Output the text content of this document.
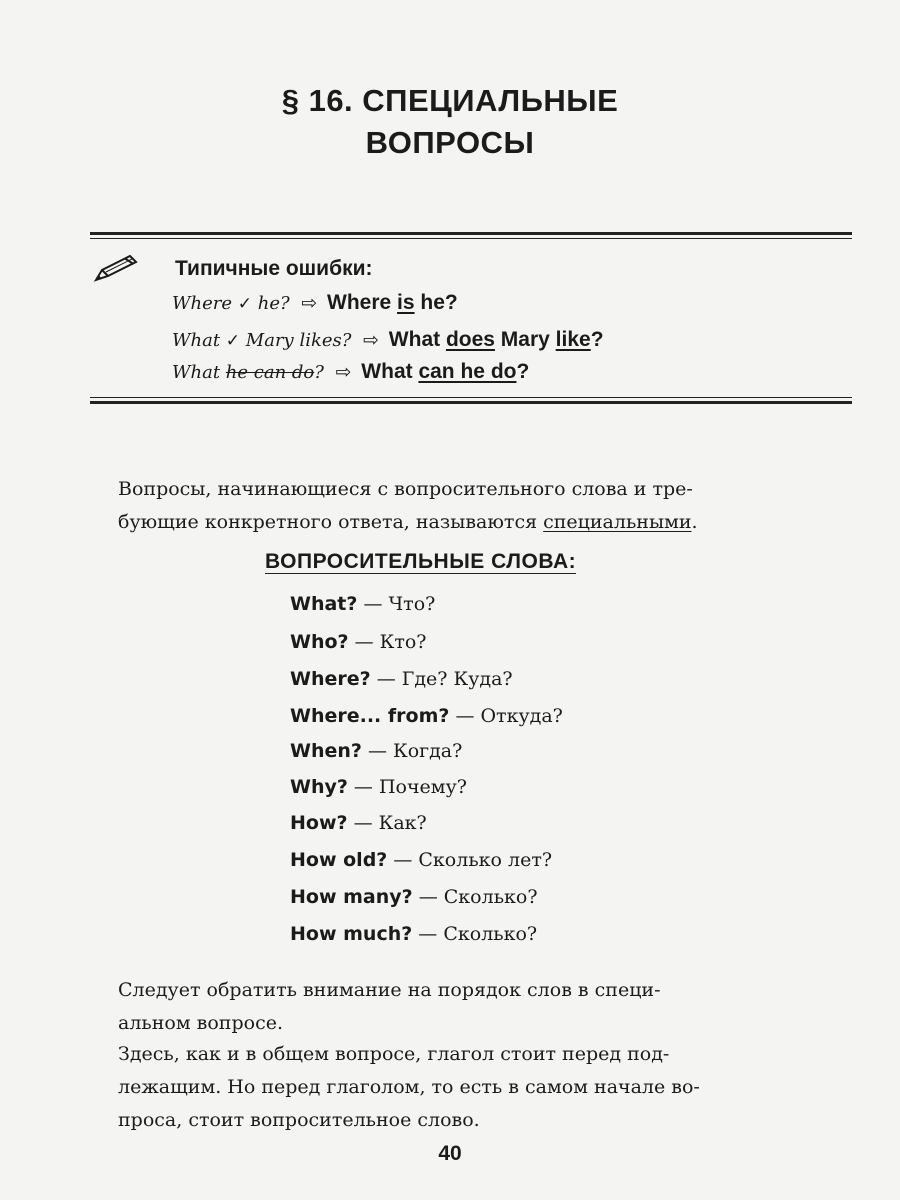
§ 16. СПЕЦИАЛЬНЫЕ
ВОПРОСЫ
Типичные ошибки:
Where ✓ he? ⇨ Where is he?
What ✓ Mary likes? ⇨ What does Mary like?
What he can do? ⇨ What can he do?
Вопросы, начинающиеся с вопросительного слова и тре-
бующие конкретного ответа, называются специальными.
ВОПРОСИТЕЛЬНЫЕ СЛОВА:
What? — Что?
Who? — Кто?
Where? — Где? Куда?
Where... from? — Откуда?
When? — Когда?
Why? — Почему?
How? — Как?
How old? — Сколько лет?
How many? — Сколько?
How much? — Сколько?
Следует обратить внимание на порядок слов в специ-
альном вопросе.
Здесь, как и в общем вопросе, глагол стоит перед под-
лежащим. Но перед глаголом, то есть в самом начале во-
проса, стоит вопросительное слово.
40
